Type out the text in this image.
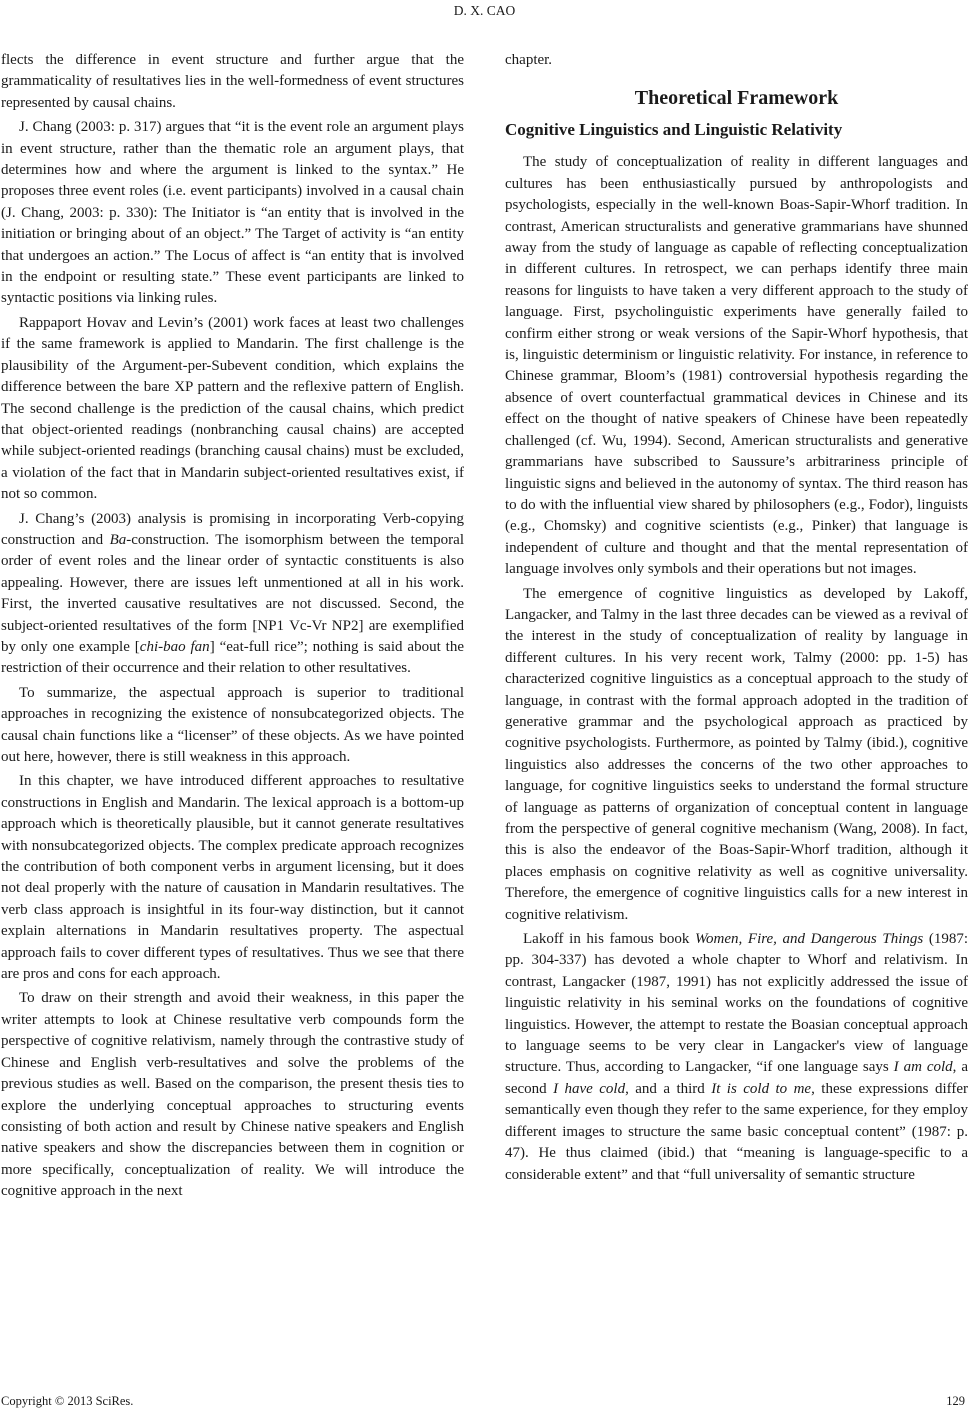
D. X. CAO

flects the difference in event structure and further argue that the grammaticality of resultatives lies in the well-formedness of event structures represented by causal chains.

J. Chang (2003: p. 317) argues that “it is the event role an argument plays in event structure, rather than the thematic role an argument plays, that determines how and where the argument is linked to the syntax.” He proposes three event roles (i.e. event participants) involved in a causal chain (J. Chang, 2003: p. 330): The Initiator is “an entity that is involved in the initiation or bringing about of an object.” The Target of activity is “an entity that undergoes an action.” The Locus of affect is “an entity that is involved in the endpoint or resulting state.” These event participants are linked to syntactic positions via linking rules.

Rappaport Hovav and Levin’s (2001) work faces at least two challenges if the same framework is applied to Mandarin. The first challenge is the plausibility of the Argument-per-Subevent condition, which explains the difference between the bare XP pattern and the reflexive pattern of English. The second challenge is the prediction of the causal chains, which predict that object-oriented readings (nonbranching causal chains) are accepted while subject-oriented readings (branching causal chains) must be excluded, a violation of the fact that in Mandarin subject-oriented resultatives exist, if not so common.

J. Chang’s (2003) analysis is promising in incorporating Verb-copying construction and Ba-construction. The isomorphism between the temporal order of event roles and the linear order of syntactic constituents is also appealing. However, there are issues left unmentioned at all in his work. First, the inverted causative resultatives are not discussed. Second, the subject-oriented resultatives of the form [NP1 Vc-Vr NP2] are exemplified by only one example [chi-bao fan] “eat-full rice”; nothing is said about the restriction of their occurrence and their relation to other resultatives.

To summarize, the aspectual approach is superior to traditional approaches in recognizing the existence of nonsubcategorized objects. The causal chain functions like a “licenser” of these objects. As we have pointed out here, however, there is still weakness in this approach.

In this chapter, we have introduced different approaches to resultative constructions in English and Mandarin. The lexical approach is a bottom-up approach which is theoretically plausible, but it cannot generate resultatives with nonsubcategorized objects. The complex predicate approach recognizes the contribution of both component verbs in argument licensing, but it does not deal properly with the nature of causation in Mandarin resultatives. The verb class approach is insightful in its four-way distinction, but it cannot explain alternations in Mandarin resultatives property. The aspectual approach fails to cover different types of resultatives. Thus we see that there are pros and cons for each approach.

To draw on their strength and avoid their weakness, in this paper the writer attempts to look at Chinese resultative verb compounds form the perspective of cognitive relativism, namely through the contrastive study of Chinese and English verb-resultatives and solve the problems of the previous studies as well. Based on the comparison, the present thesis ties to explore the underlying conceptual approaches to structuring events consisting of both action and result by Chinese native speakers and English native speakers and show the discrepancies between them in cognition or more specifically, conceptualization of reality. We will introduce the cognitive approach in the next

chapter.

Theoretical Framework
Cognitive Linguistics and Linguistic Relativity

The study of conceptualization of reality in different languages and cultures has been enthusiastically pursued by anthropologists and psychologists, especially in the well-known Boas-Sapir-Whorf tradition. In contrast, American structuralists and generative grammarians have shunned away from the study of language as capable of reflecting conceptualization in different cultures. In retrospect, we can perhaps identify three main reasons for linguists to have taken a very different approach to the study of language. First, psycholinguistic experiments have generally failed to confirm either strong or weak versions of the Sapir-Whorf hypothesis, that is, linguistic determinism or linguistic relativity. For instance, in reference to Chinese grammar, Bloom’s (1981) controversial hypothesis regarding the absence of overt counterfactual grammatical devices in Chinese and its effect on the thought of native speakers of Chinese have been repeatedly challenged (cf. Wu, 1994). Second, American structuralists and generative grammarians have subscribed to Saussure’s arbitrariness principle of linguistic signs and believed in the autonomy of syntax. The third reason has to do with the influential view shared by philosophers (e.g., Fodor), linguists (e.g., Chomsky) and cognitive scientists (e.g., Pinker) that language is independent of culture and thought and that the mental representation of language involves only symbols and their operations but not images.

The emergence of cognitive linguistics as developed by Lakoff, Langacker, and Talmy in the last three decades can be viewed as a revival of the interest in the study of conceptualization of reality by language in different cultures. In his very recent work, Talmy (2000: pp. 1-5) has characterized cognitive linguistics as a conceptual approach to the study of language, in contrast with the formal approach adopted in the tradition of generative grammar and the psychological approach as practiced by cognitive psychologists. Furthermore, as pointed by Talmy (ibid.), cognitive linguistics also addresses the concerns of the two other approaches to language, for cognitive linguistics seeks to understand the formal structure of language as patterns of organization of conceptual content in language from the perspective of general cognitive mechanism (Wang, 2008). In fact, this is also the endeavor of the Boas-Sapir-Whorf tradition, although it places emphasis on cognitive relativity as well as cognitive universality. Therefore, the emergence of cognitive linguistics calls for a new interest in cognitive relativism.

Lakoff in his famous book Women, Fire, and Dangerous Things (1987: pp. 304-337) has devoted a whole chapter to Whorf and relativism. In contrast, Langacker (1987, 1991) has not explicitly addressed the issue of linguistic relativity in his seminal works on the foundations of cognitive linguistics. However, the attempt to restate the Boasian conceptual approach to language seems to be very clear in Langacker's view of language structure. Thus, according to Langacker, “if one language says I am cold, a second I have cold, and a third It is cold to me, these expressions differ semantically even though they refer to the same experience, for they employ different images to structure the same basic conceptual content” (1987: p. 47). He thus claimed (ibid.) that “meaning is language-specific to a considerable extent” and that “full universality of semantic structure

Copyright © 2013 SciRes.	129
